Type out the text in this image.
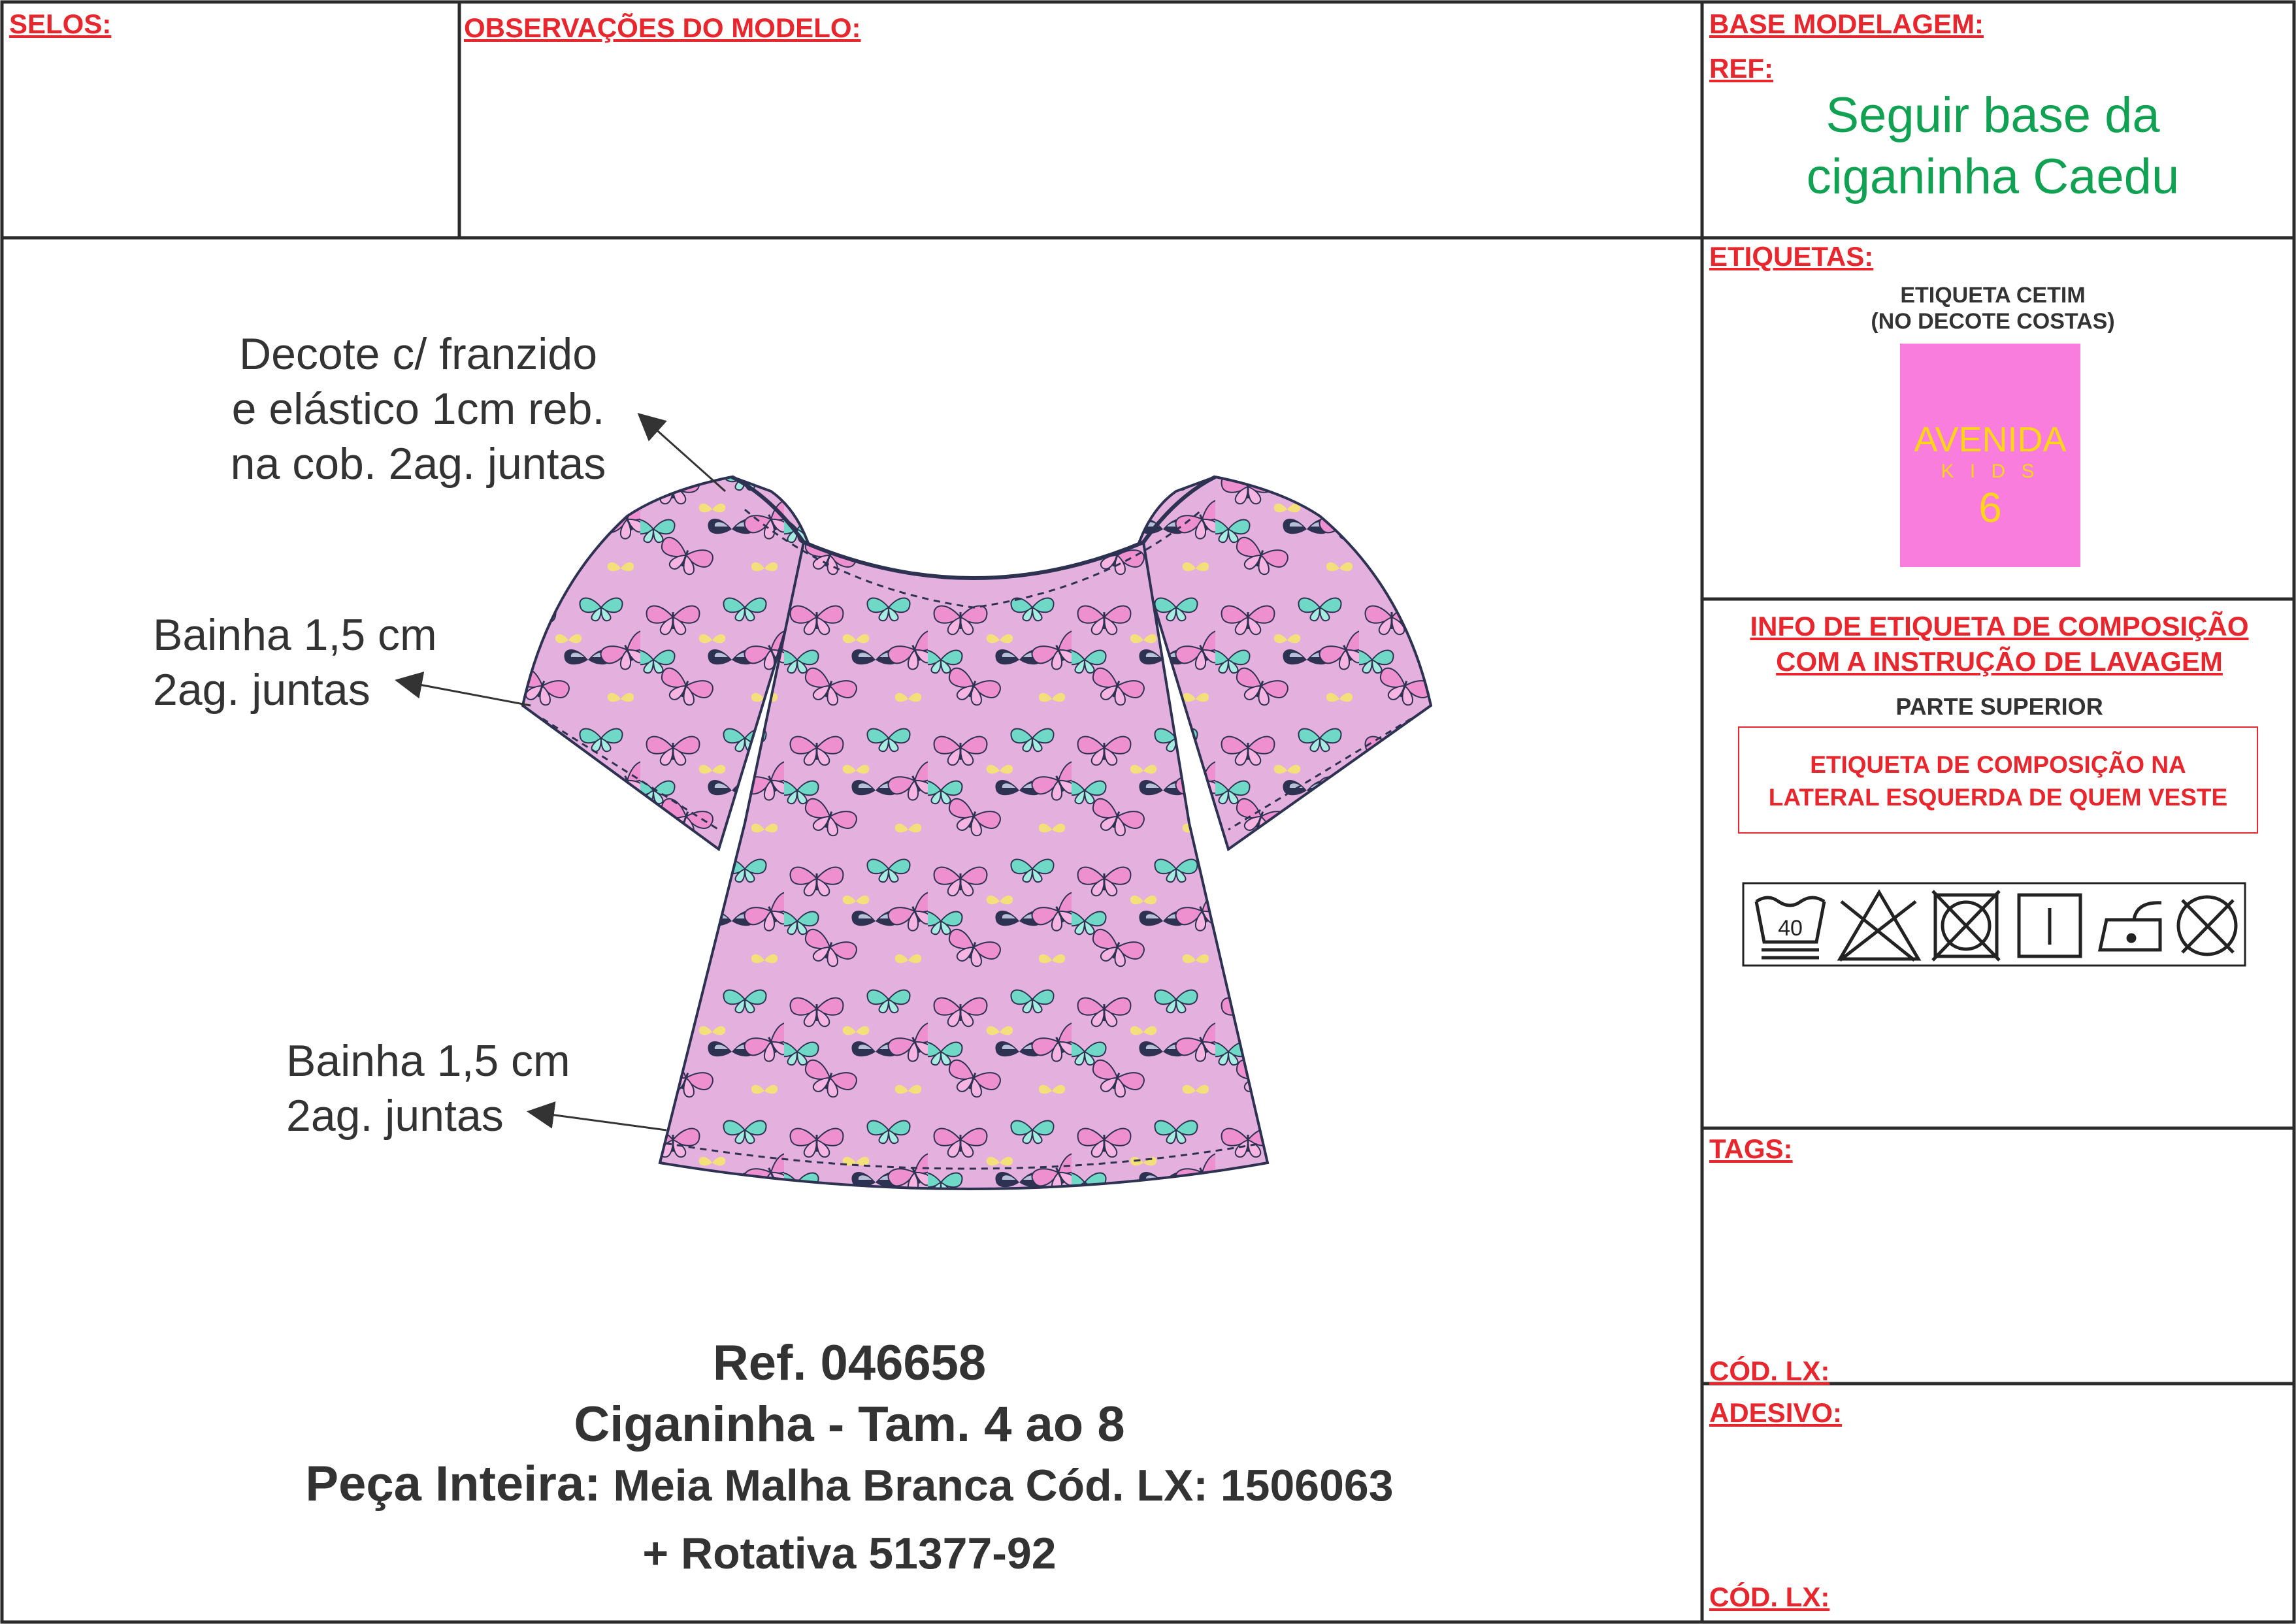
SELOS:	OBSERVAÇÕES DO MODELO:	BASE MODELAGEM:
REF:
ETIQUETAS:
TAGS:
CÓD. LX:
ADESIVO:
CÓD. LX:
Seguir base da
ciganinha Caedu
ETIQUETA CETIM
(NO DECOTE COSTAS)
AVENIDA
K I D S
6
INFO DE ETIQUETA DE COMPOSIÇÃO
COM A INSTRUÇÃO DE LAVAGEM
PARTE SUPERIOR
ETIQUETA DE COMPOSIÇÃO NA
LATERAL ESQUERDA DE QUEM VESTE
40
Decote c/ franzido
e elástico 1cm reb.
na cob. 2ag. juntas
Bainha 1,5 cm
2ag. juntas
Bainha 1,5 cm
2ag. juntas
Ref. 046658
Ciganinha - Tam. 4 ao 8
Peça Inteira: Meia Malha Branca Cód. LX: 1506063
+ Rotativa 51377-92
